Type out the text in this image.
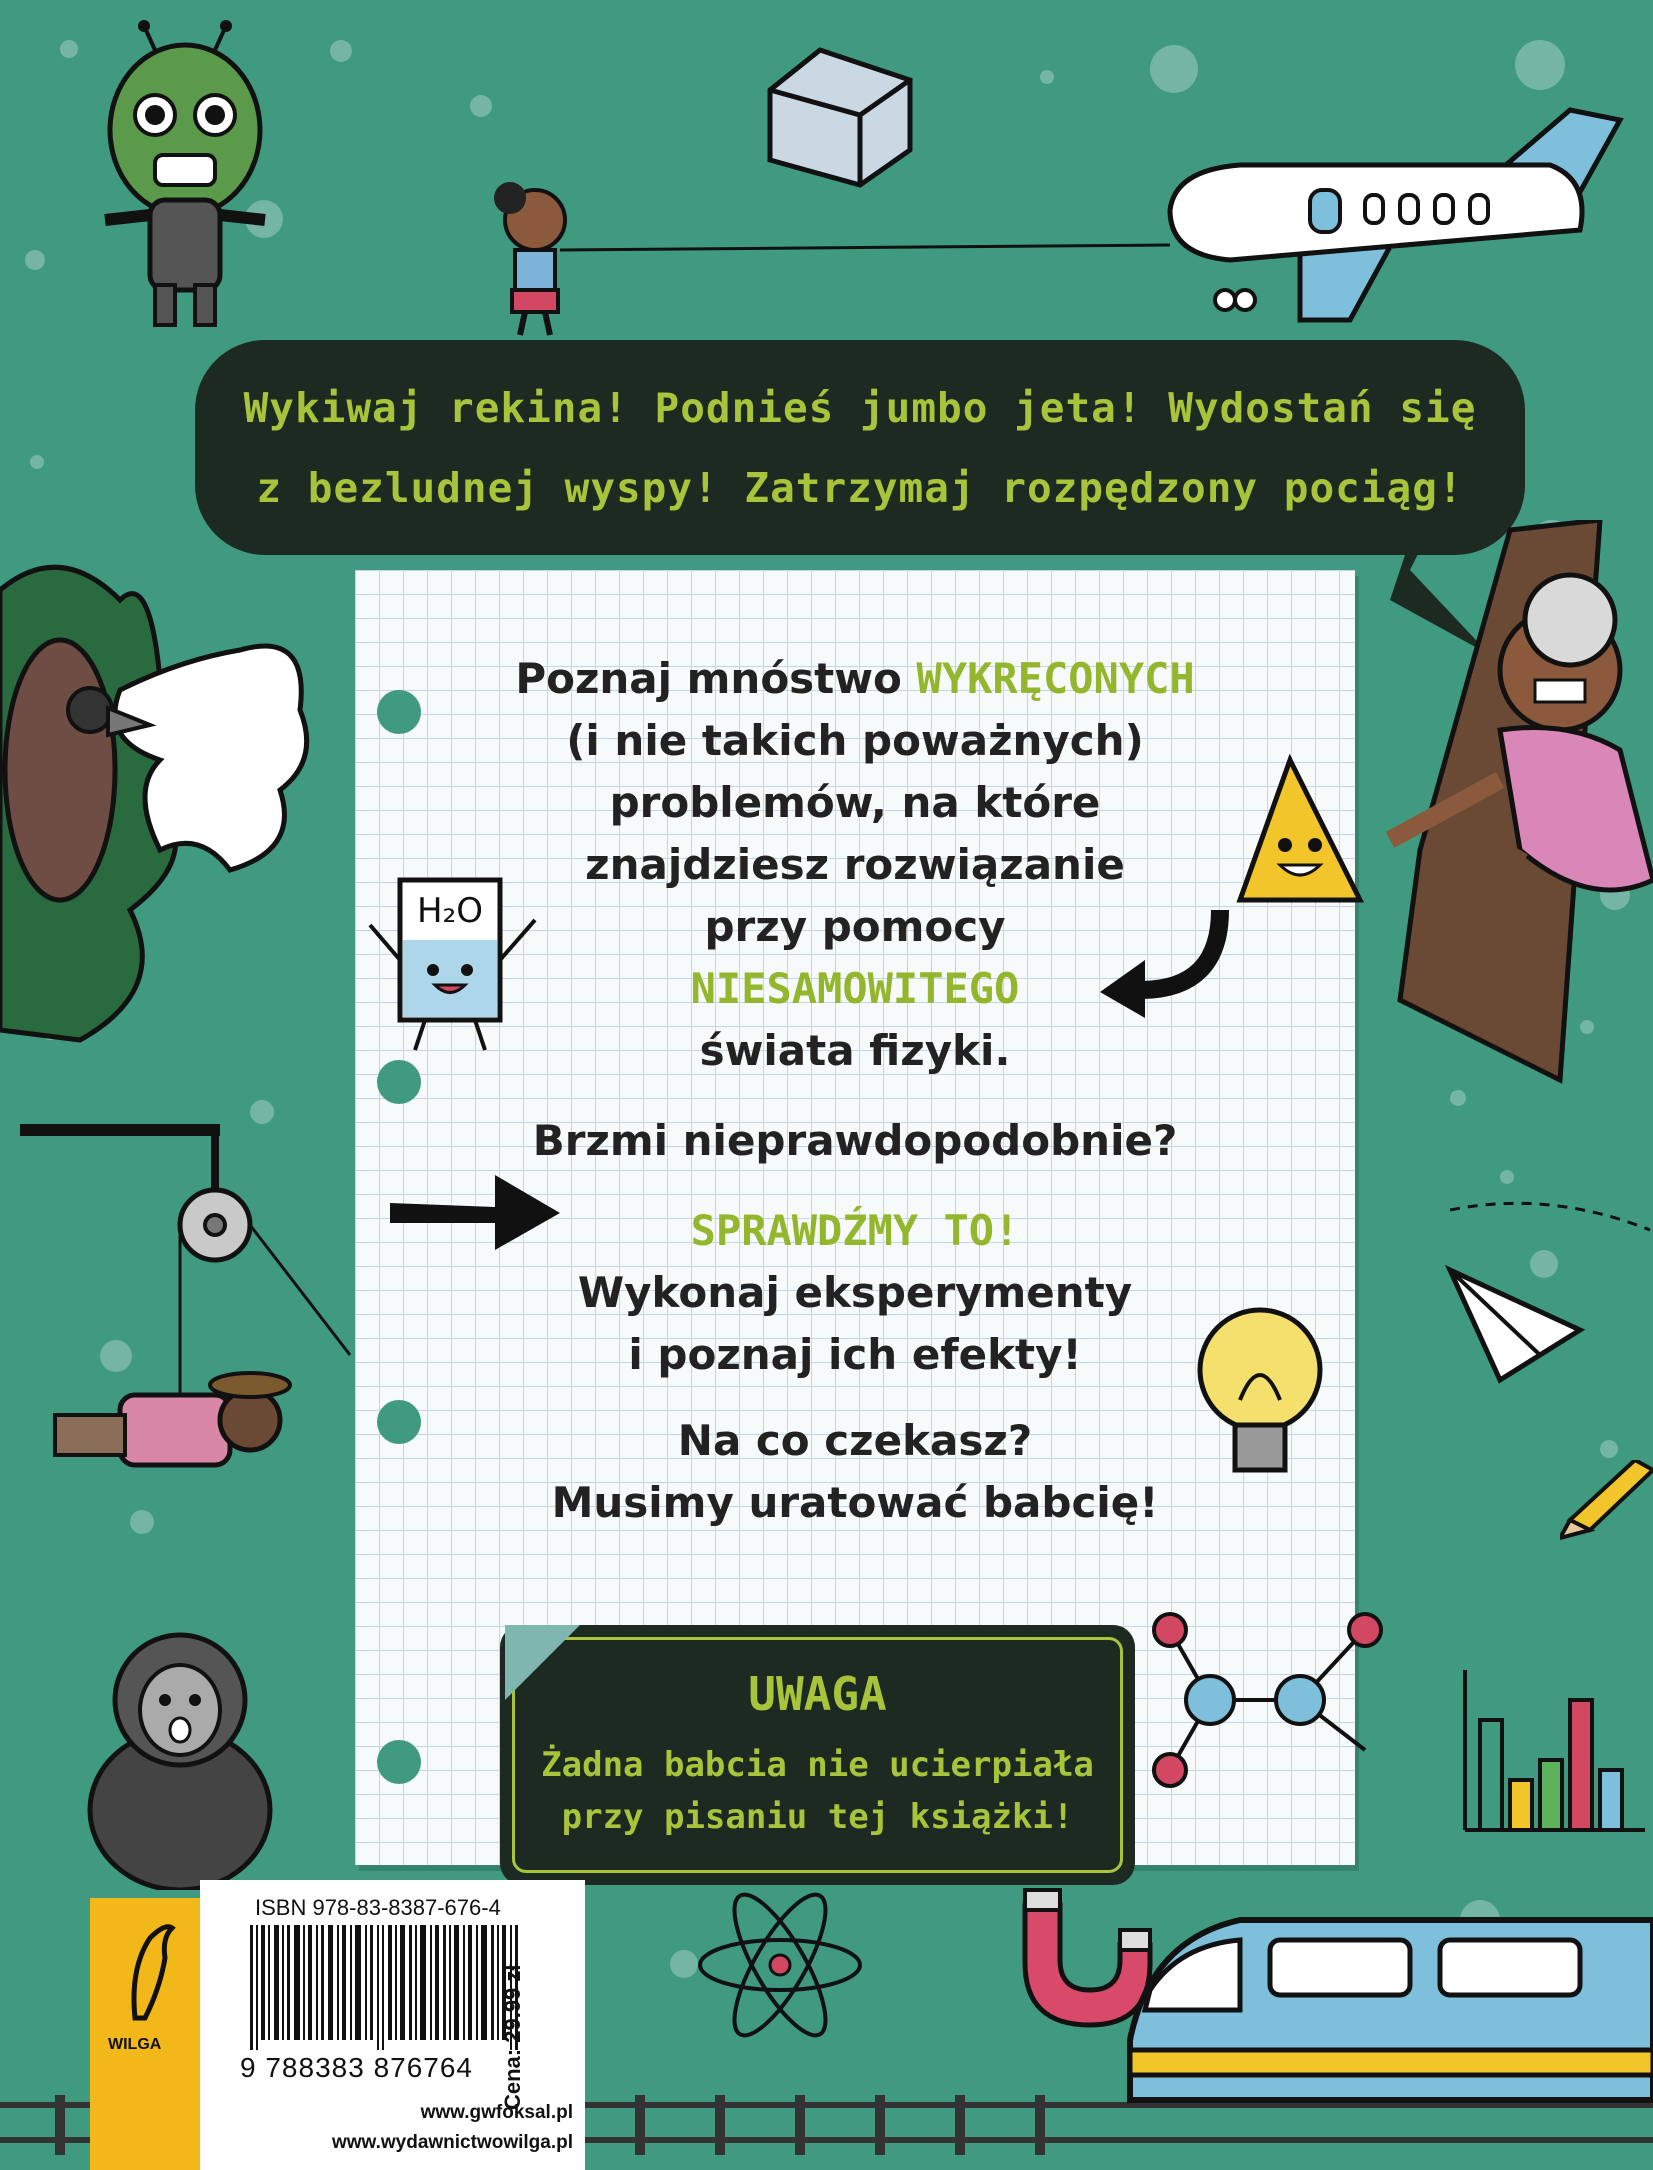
Wykiwaj rekina! Podnieś jumbo jeta! Wydostań się
z bezludnej wyspy! Zatrzymaj rozpędzony pociąg!
Poznaj mnóstwo WYKRĘCONYCH
(i nie takich poważnych)
problemów, na które
znajdziesz rozwiązanie
przy pomocy
NIESAMOWITEGO
świata fizyki.
Brzmi nieprawdopodobnie?
SPRAWDŹMY TO!
Wykonaj eksperymenty
i poznaj ich efekty!
Na co czekasz?
Musimy uratować babcię!
H₂O
UWAGA
Żadna babcia nie ucierpiała
przy pisaniu tej książki!
WILGA
ISBN 978-83-8387-676-4
9 788383 876764
www.gwfoksal.pl
www.wydawnictwowilga.pl
Cena: 29.99 zł
